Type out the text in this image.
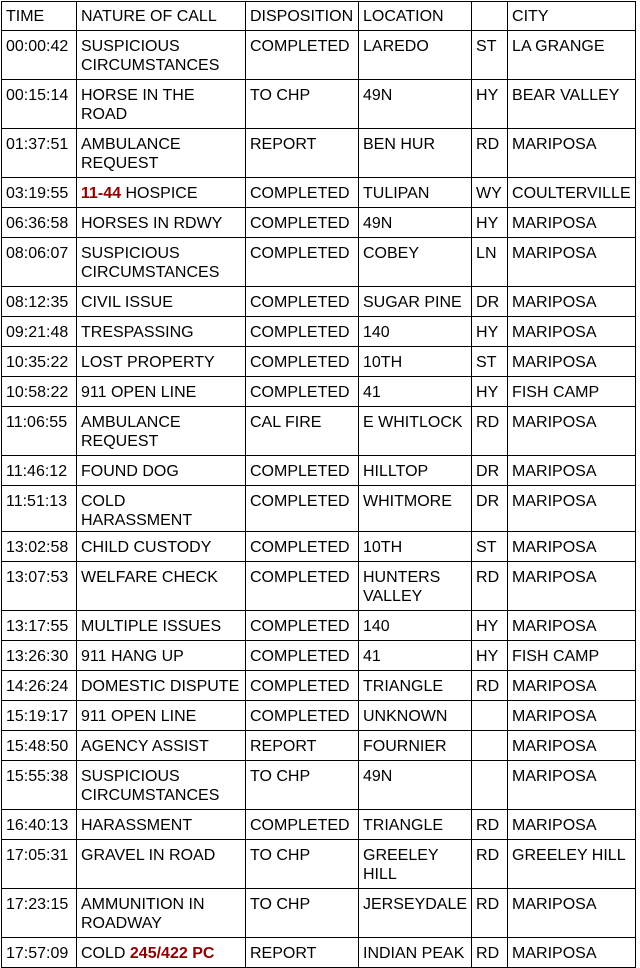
TIME	NATURE OF CALL	DISPOSITION	LOCATION		CITY
00:00:42	SUSPICIOUS CIRCUMSTANCES	COMPLETED	LAREDO	ST	LA GRANGE
00:15:14	HORSE IN THE ROAD	TO CHP	49N	HY	BEAR VALLEY
01:37:51	AMBULANCE REQUEST	REPORT	BEN HUR	RD	MARIPOSA
03:19:55	11-44 HOSPICE	COMPLETED	TULIPAN	WY	COULTERVILLE
06:36:58	HORSES IN RDWY	COMPLETED	49N	HY	MARIPOSA
08:06:07	SUSPICIOUS CIRCUMSTANCES	COMPLETED	COBEY	LN	MARIPOSA
08:12:35	CIVIL ISSUE	COMPLETED	SUGAR PINE	DR	MARIPOSA
09:21:48	TRESPASSING	COMPLETED	140	HY	MARIPOSA
10:35:22	LOST PROPERTY	COMPLETED	10TH	ST	MARIPOSA
10:58:22	911 OPEN LINE	COMPLETED	41	HY	FISH CAMP
11:06:55	AMBULANCE REQUEST	CAL FIRE	E WHITLOCK	RD	MARIPOSA
11:46:12	FOUND DOG	COMPLETED	HILLTOP	DR	MARIPOSA
11:51:13	COLD HARASSMENT	COMPLETED	WHITMORE	DR	MARIPOSA
13:02:58	CHILD CUSTODY	COMPLETED	10TH	ST	MARIPOSA
13:07:53	WELFARE CHECK	COMPLETED	HUNTERS VALLEY	RD	MARIPOSA
13:17:55	MULTIPLE ISSUES	COMPLETED	140	HY	MARIPOSA
13:26:30	911 HANG UP	COMPLETED	41	HY	FISH CAMP
14:26:24	DOMESTIC DISPUTE	COMPLETED	TRIANGLE	RD	MARIPOSA
15:19:17	911 OPEN LINE	COMPLETED	UNKNOWN		MARIPOSA
15:48:50	AGENCY ASSIST	REPORT	FOURNIER		MARIPOSA
15:55:38	SUSPICIOUS CIRCUMSTANCES	TO CHP	49N		MARIPOSA
16:40:13	HARASSMENT	COMPLETED	TRIANGLE	RD	MARIPOSA
17:05:31	GRAVEL IN ROAD	TO CHP	GREELEY HILL	RD	GREELEY HILL
17:23:15	AMMUNITION IN ROADWAY	TO CHP	JERSEYDALE	RD	MARIPOSA
17:57:09	COLD 245/422 PC	REPORT	INDIAN PEAK	RD	MARIPOSA
